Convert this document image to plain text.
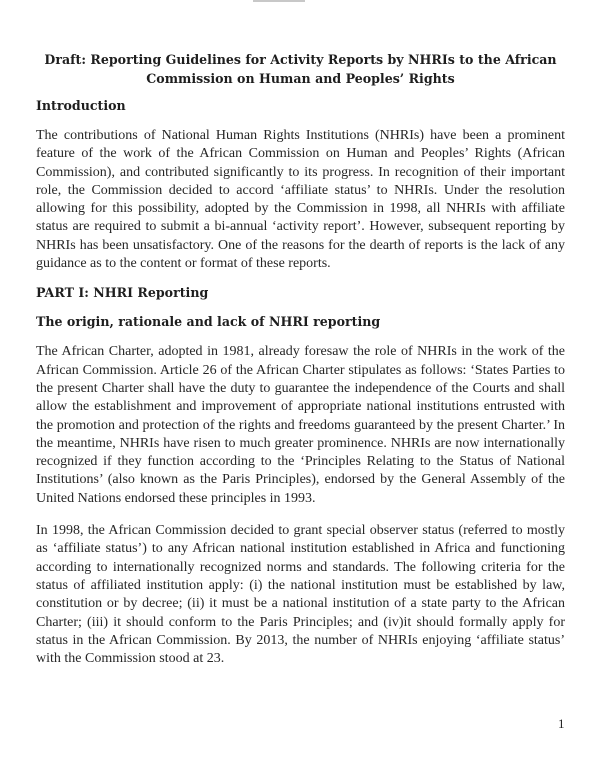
Draft: Reporting Guidelines for Activity Reports by NHRIs to the African Commission on Human and Peoples’ Rights
Introduction

The contributions of National Human Rights Institutions (NHRIs) have been a prominent feature of the work of the African Commission on Human and Peoples’ Rights (African Commission), and contributed significantly to its progress. In recognition of their important role, the Commission decided to accord ‘affiliate status’ to NHRIs. Under the resolution allowing for this possibility, adopted by the Commission in 1998, all NHRIs with affiliate status are required to submit a bi-annual ‘activity report’. However, subsequent reporting by NHRIs has been unsatisfactory. One of the reasons for the dearth of reports is the lack of any guidance as to the content or format of these reports.

PART I: NHRI Reporting
The origin, rationale and lack of NHRI reporting

The African Charter, adopted in 1981, already foresaw the role of NHRIs in the work of the African Commission. Article 26 of the African Charter stipulates as follows: ‘States Parties to the present Charter shall have the duty to guarantee the independence of the Courts and shall allow the establishment and improvement of appropriate national institutions entrusted with the promotion and protection of the rights and freedoms guaranteed by the present Charter.’ In the meantime, NHRIs have risen to much greater prominence. NHRIs are now internationally recognized if they function according to the ‘Principles Relating to the Status of National Institutions’ (also known as the Paris Principles), endorsed by the General Assembly of the United Nations endorsed these principles in 1993.

In 1998, the African Commission decided to grant special observer status (referred to mostly as ‘affiliate status’) to any African national institution established in Africa and functioning according to internationally recognized norms and standards. The following criteria for the status of affiliated institution apply: (i) the national institution must be established by law, constitution or by decree; (ii) it must be a national institution of a state party to the African Charter; (iii) it should conform to the Paris Principles; and (iv)it should formally apply for status in the African Commission. By 2013, the number of NHRIs enjoying ‘affiliate status’ with the Commission stood at 23.

1
